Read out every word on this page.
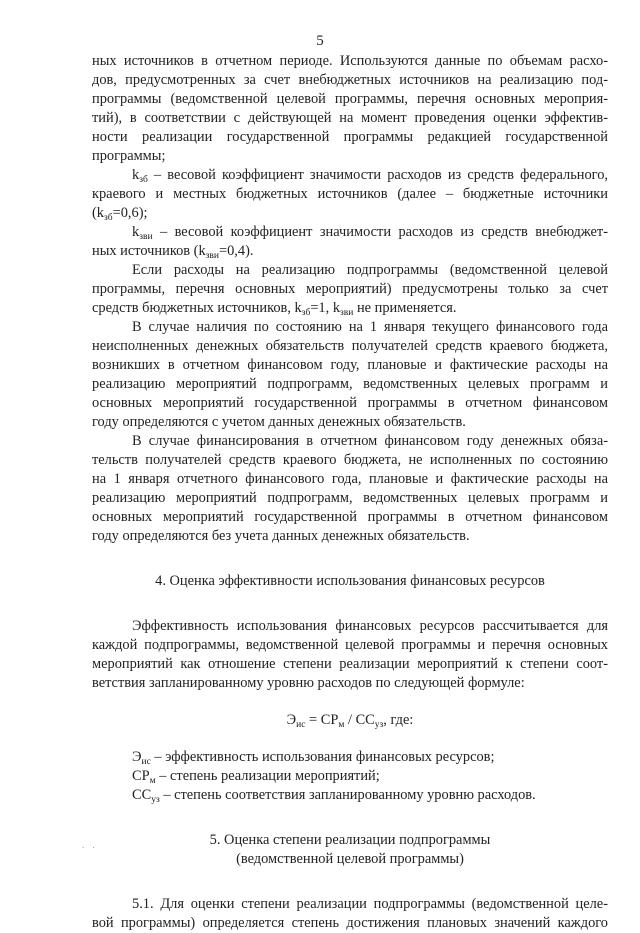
5
ных источников в отчетном периоде. Используются данные по объемам расхо-
дов, предусмотренных за счет внебюджетных источников на реализацию под-
программы (ведомственной целевой программы, перечня основных мероприя-
тий), в соответствии с действующей на момент проведения оценки эффектив-
ности реализации государственной программы редакцией государственной
программы;
$k_{зб}$ – весовой коэффициент значимости расходов из средств федерального,
краевого и местных бюджетных источников (далее – бюджетные источники
$(k_{зб}=0,6)$;
$k_{зви}$ – весовой коэффициент значимости расходов из средств внебюджет-
ных источников $(k_{зви}=0,4)$.
Если расходы на реализацию подпрограммы (ведомственной целевой
программы, перечня основных мероприятий) предусмотрены только за счет
средств бюджетных источников, $k_{зб}=1$, $k_{зви}$ не применяется.
В случае наличия по состоянию на 1 января текущего финансового года
неисполненных денежных обязательств получателей средств краевого бюджета,
возникших в отчетном финансовом году, плановые и фактические расходы на
реализацию мероприятий подпрограмм, ведомственных целевых программ и
основных мероприятий государственной программы в отчетном финансовом
году определяются с учетом данных денежных обязательств.
В случае финансирования в отчетном финансовом году денежных обяза-
тельств получателей средств краевого бюджета, не исполненных по состоянию
на 1 января отчетного финансового года, плановые и фактические расходы на
реализацию мероприятий подпрограмм, ведомственных целевых программ и
основных мероприятий государственной программы в отчетном финансовом
году определяются без учета данных денежных обязательств.
4. Оценка эффективности использования финансовых ресурсов
Эффективность использования финансовых ресурсов рассчитывается для
каждой подпрограммы, ведомственной целевой программы и перечня основных
мероприятий как отношение степени реализации мероприятий к степени соот-
ветствия запланированному уровню расходов по следующей формуле:
$Э_{ис} = СР_м / СС_{уз}$, где:
$Э_{ис}$ – эффективность использования финансовых ресурсов;
$СР_м$ – степень реализации мероприятий;
$СС_{уз}$ – степень соответствия запланированному уровню расходов.
5. Оценка степени реализации подпрограммы
(ведомственной целевой программы)
5.1. Для оценки степени реализации подпрограммы (ведомственной целе-
вой программы) определяется степень достижения плановых значений каждого
. .
